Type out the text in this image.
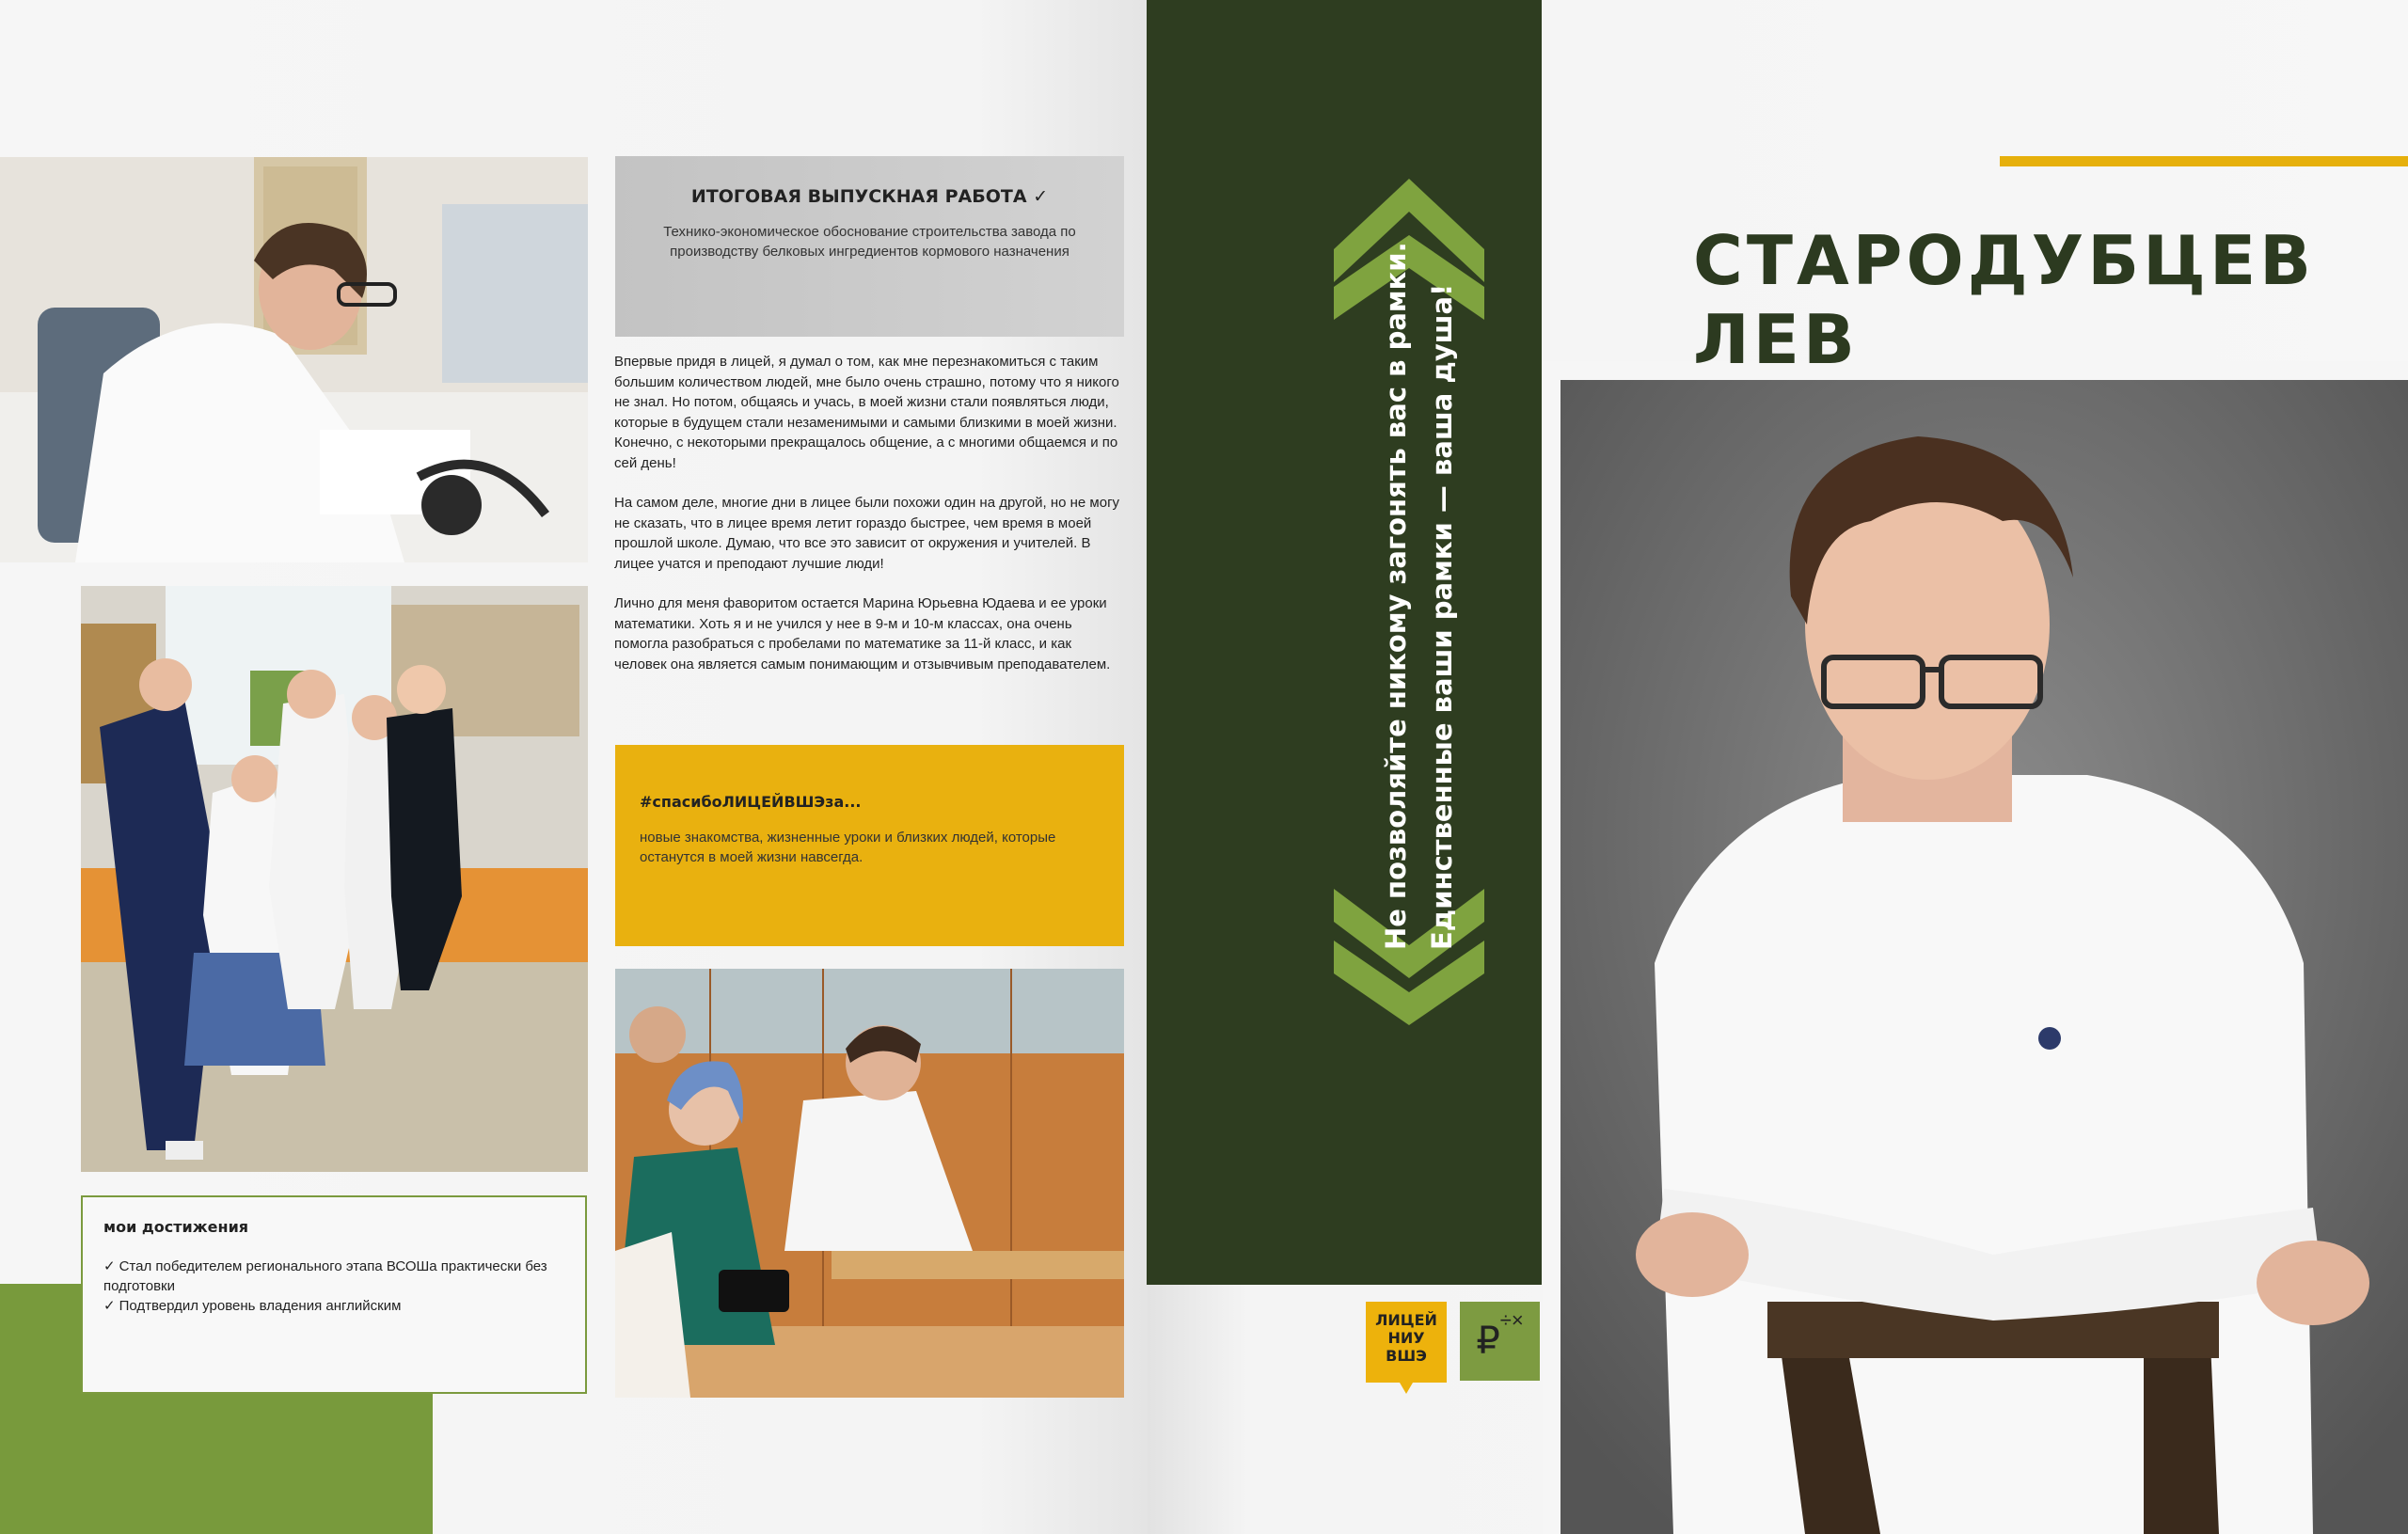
ИТОГОВАЯ ВЫПУСКНАЯ РАБОТА ✓

Технико-экономическое обоснование строительства завода по производству белковых ингредиентов кормового назначения

Впервые придя в лицей, я думал о том, как мне перезнакомиться с таким большим количеством людей, мне было очень страшно, потому что я никого не знал. Но потом, общаясь и учась, в моей жизни стали появляться люди, которые в будущем стали незаменимыми и самыми близкими в моей жизни. Конечно, с некоторыми прекращалось общение, а с многими общаемся и по сей день!

На самом деле, многие дни в лицее были похожи один на другой, но не могу не сказать, что в лицее время летит гораздо быстрее, чем время в моей прошлой школе. Думаю, что все это зависит от окружения и учителей. В лицее учатся и преподают лучшие люди!

Лично для меня фаворитом остается Марина Юрьевна Юдаева и ее уроки математики. Хоть я и не учился у нее в 9-м и 10-м классах, она очень помогла разобраться с пробелами по математике за 11-й класс, и как человек она является самым понимающим и отзывчивым преподавателем.

#спасибоЛИЦЕЙВШЭза...
новые знакомства, жизненные уроки и близких людей, которые останутся в моей жизни навсегда.
мои достижения
✓ Стал победителем регионального этапа ВСОШа практически без подготовки
✓ Подтвердил уровень владения английским
Не позволяйте никому загонять вас в рамки. Единственные ваши рамки — ваша душа!
СТАРОДУБЦЕВ
ЛЕВ
ЛИЦЕЙ
НИУ
ВШЭ	₽÷×
